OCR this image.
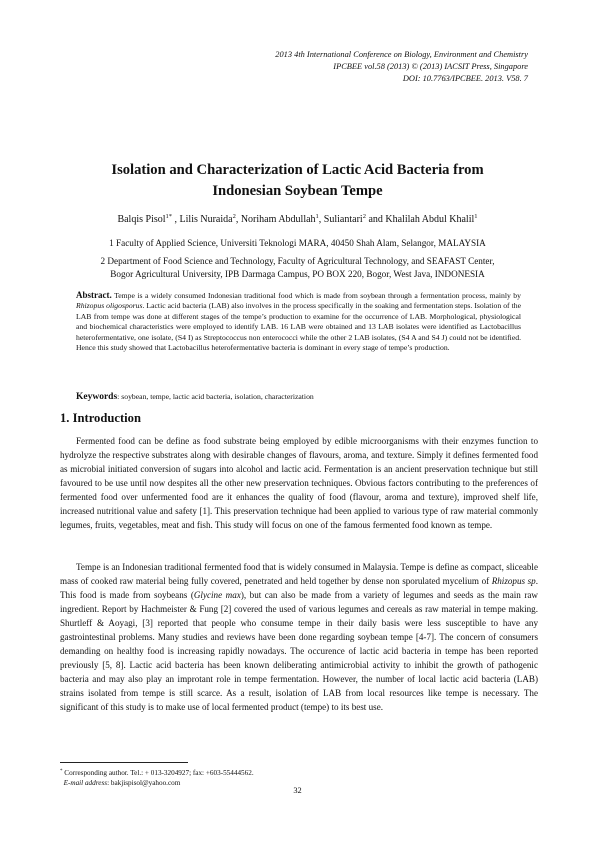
2013 4th International Conference on Biology, Environment and Chemistry
IPCBEE vol.58 (2013) © (2013) IACSIT Press, Singapore
DOI: 10.7763/IPCBEE. 2013. V58. 7
Isolation and Characterization of Lactic Acid Bacteria from
Indonesian Soybean Tempe
Balqis Pisol$^{1*}$ , Lilis Nuraida$^2$, Noriham Abdullah$^1$, Suliantari$^2$ and Khalilah Abdul Khalil$^1$
1 Faculty of Applied Science, Universiti Teknologi MARA, 40450 Shah Alam, Selangor, MALAYSIA
2 Department of Food Science and Technology, Faculty of Agricultural Technology, and SEAFAST Center,
Bogor Agricultural University, IPB Darmaga Campus, PO BOX 220, Bogor, West Java, INDONESIA
Abstract. Tempe is a widely consumed Indonesian traditional food which is made from soybean through a fermentation process, mainly by Rhizopus oligosporus. Lactic acid bacteria (LAB) also involves in the process specifically in the soaking and fermentation steps. Isolation of the LAB from tempe was done at different stages of the tempe’s production to examine for the occurrence of LAB. Morphological, physiological and biochemical characteristics were employed to identify LAB. 16 LAB were obtained and 13 LAB isolates were identified as Lactobacillus heterofermentative, one isolate, (S4 I) as Streptococcus non enterococci while the other 2 LAB isolates, (S4 A and S4 J) could not be identified. Hence this study showed that Lactobacillus heterofermentative bacteria is dominant in every stage of tempe’s production.
Keywords: soybean, tempe, lactic acid bacteria, isolation, characterization
1. Introduction

Fermented food can be define as food substrate being employed by edible microorganisms with their enzymes function to hydrolyze the respective substrates along with desirable changes of flavours, aroma, and texture. Simply it defines fermented food as microbial initiated conversion of sugars into alcohol and lactic acid. Fermentation is an ancient preservation technique but still favoured to be use until now despites all the other new preservation techniques. Obvious factors contributing to the preferences of fermented food over unfermented food are it enhances the quality of food (flavour, aroma and texture), improved shelf life, increased nutritional value and safety [1]. This preservation technique had been applied to various type of raw material commonly legumes, fruits, vegetables, meat and fish. This study will focus on one of the famous fermented food known as tempe.

Tempe is an Indonesian traditional fermented food that is widely consumed in Malaysia. Tempe is define as compact, sliceable mass of cooked raw material being fully covered, penetrated and held together by dense non sporulated mycelium of Rhizopus sp. This food is made from soybeans (Glycine max), but can also be made from a variety of legumes and seeds as the main raw ingredient. Report by Hachmeister & Fung [2] covered the used of various legumes and cereals as raw material in tempe making. Shurtleff & Aoyagi, [3] reported that people who consume tempe in their daily basis were less susceptible to have any gastrointestinal problems. Many studies and reviews have been done regarding soybean tempe [4-7]. The concern of consumers demanding on healthy food is increasing rapidly nowadays. The occurence of lactic acid bacteria in tempe has been reported previously [5, 8]. Lactic acid bacteria has been known deliberating antimicrobial activity to inhibit the growth of pathogenic bacteria and may also play an improtant role in tempe fermentation. However, the number of local lactic acid bacteria (LAB) strains isolated from tempe is still scarce. As a result, isolation of LAB from local resources like tempe is necessary. The significant of this study is to make use of local fermented product (tempe) to its best use.

* Corresponding author. Tel.: + 013-3204927; fax: +603-55444562.
E-mail address: bakjispisol@yahoo.com
32
